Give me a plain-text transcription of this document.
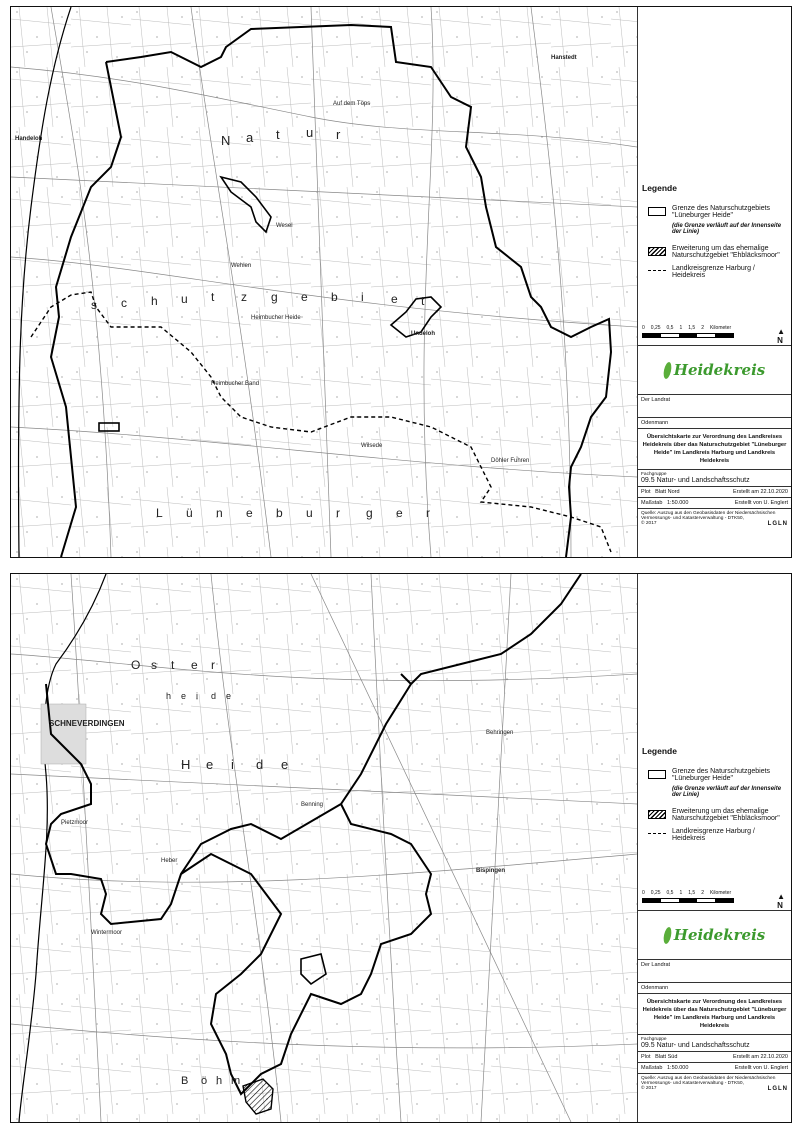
N a t u r
s c h u t z g e b i e t
L ü n e b u r g e r
Hanstedt
Handeloh
Undeloh
Auf dem Töps
Wesel
Wehlen
Heimbucher Heide
Heimbucher Band
Döhler Fuhren
Wilsede
Legende
Grenze des Naturschutzgebiets "Lüneburger Heide"
(die Grenze verläuft auf der Innenseite der Linie)
Erweiterung um das ehemalige Naturschutzgebiet "Ehbläcksmoor"
Landkreisgrenze Harburg / Heidekreis
0 0,25 0,5 1 1,5 2 Kilometer	▲
N
Heidekreis
Der Landrat
Odenmann
Übersichtskarte zur Verordnung des Landkreises Heidekreis über das Naturschutzgebiet "Lüneburger Heide" im Landkreis Harburg und Landkreis Heidekreis
Fachgruppe
09.5 Natur- und Landschaftsschutz
Plot Blatt Nord	Erstellt am 22.10.2020
Maßstab 1:50.000	Erstellt von U. Englert
Quelle: Auszug aus den Geobasisdaten der Niedersächsischen Vermessungs- und Katasterverwaltung - DTK50,
© 2017	LGLN
O s t e r
H e i d e
h e i d e
B ö h m
SCHNEVERDINGEN
Bispingen
Behringen
Heber
Pietzmoor
Benning
Wintermoor
Legende
Grenze des Naturschutzgebiets "Lüneburger Heide"
(die Grenze verläuft auf der Innenseite der Linie)
Erweiterung um das ehemalige Naturschutzgebiet "Ehbläcksmoor"
Landkreisgrenze Harburg / Heidekreis
0 0,25 0,5 1 1,5 2 Kilometer	▲
N
Heidekreis
Der Landrat
Odenmann
Übersichtskarte zur Verordnung des Landkreises Heidekreis über das Naturschutzgebiet "Lüneburger Heide" im Landkreis Harburg und Landkreis Heidekreis
Fachgruppe
09.5 Natur- und Landschaftsschutz
Plot Blatt Süd	Erstellt am 22.10.2020
Maßstab 1:50.000	Erstellt von U. Englert
Quelle: Auszug aus den Geobasisdaten der Niedersächsischen Vermessungs- und Katasterverwaltung - DTK50,
© 2017	LGLN
